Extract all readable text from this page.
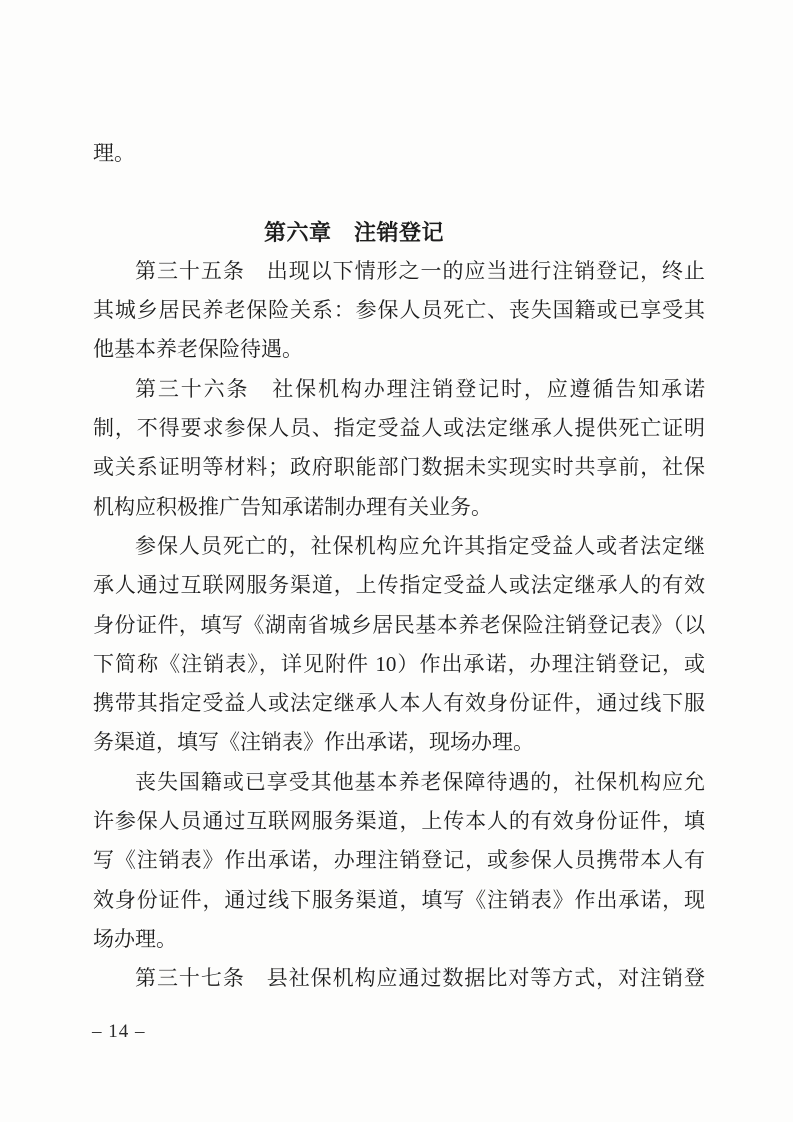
理。
第六章　注销登记
第三十五条　出现以下情形之一的应当进行注销登记，终止
其城乡居民养老保险关系：参保人员死亡、丧失国籍或已享受其
他基本养老保险待遇。
第三十六条　社保机构办理注销登记时，应遵循告知承诺
制，不得要求参保人员、指定受益人或法定继承人提供死亡证明
或关系证明等材料；政府职能部门数据未实现实时共享前，社保
机构应积极推广告知承诺制办理有关业务。
参保人员死亡的，社保机构应允许其指定受益人或者法定继
承人通过互联网服务渠道，上传指定受益人或法定继承人的有效
身份证件，填写《湖南省城乡居民基本养老保险注销登记表》（以
下简称《注销表》，详见附件 10）作出承诺，办理注销登记，或
携带其指定受益人或法定继承人本人有效身份证件，通过线下服
务渠道，填写《注销表》作出承诺，现场办理。
丧失国籍或已享受其他基本养老保障待遇的，社保机构应允
许参保人员通过互联网服务渠道，上传本人的有效身份证件，填
写《注销表》作出承诺，办理注销登记，或参保人员携带本人有
效身份证件，通过线下服务渠道，填写《注销表》作出承诺，现
场办理。
第三十七条　县社保机构应通过数据比对等方式，对注销登
– 14 –
